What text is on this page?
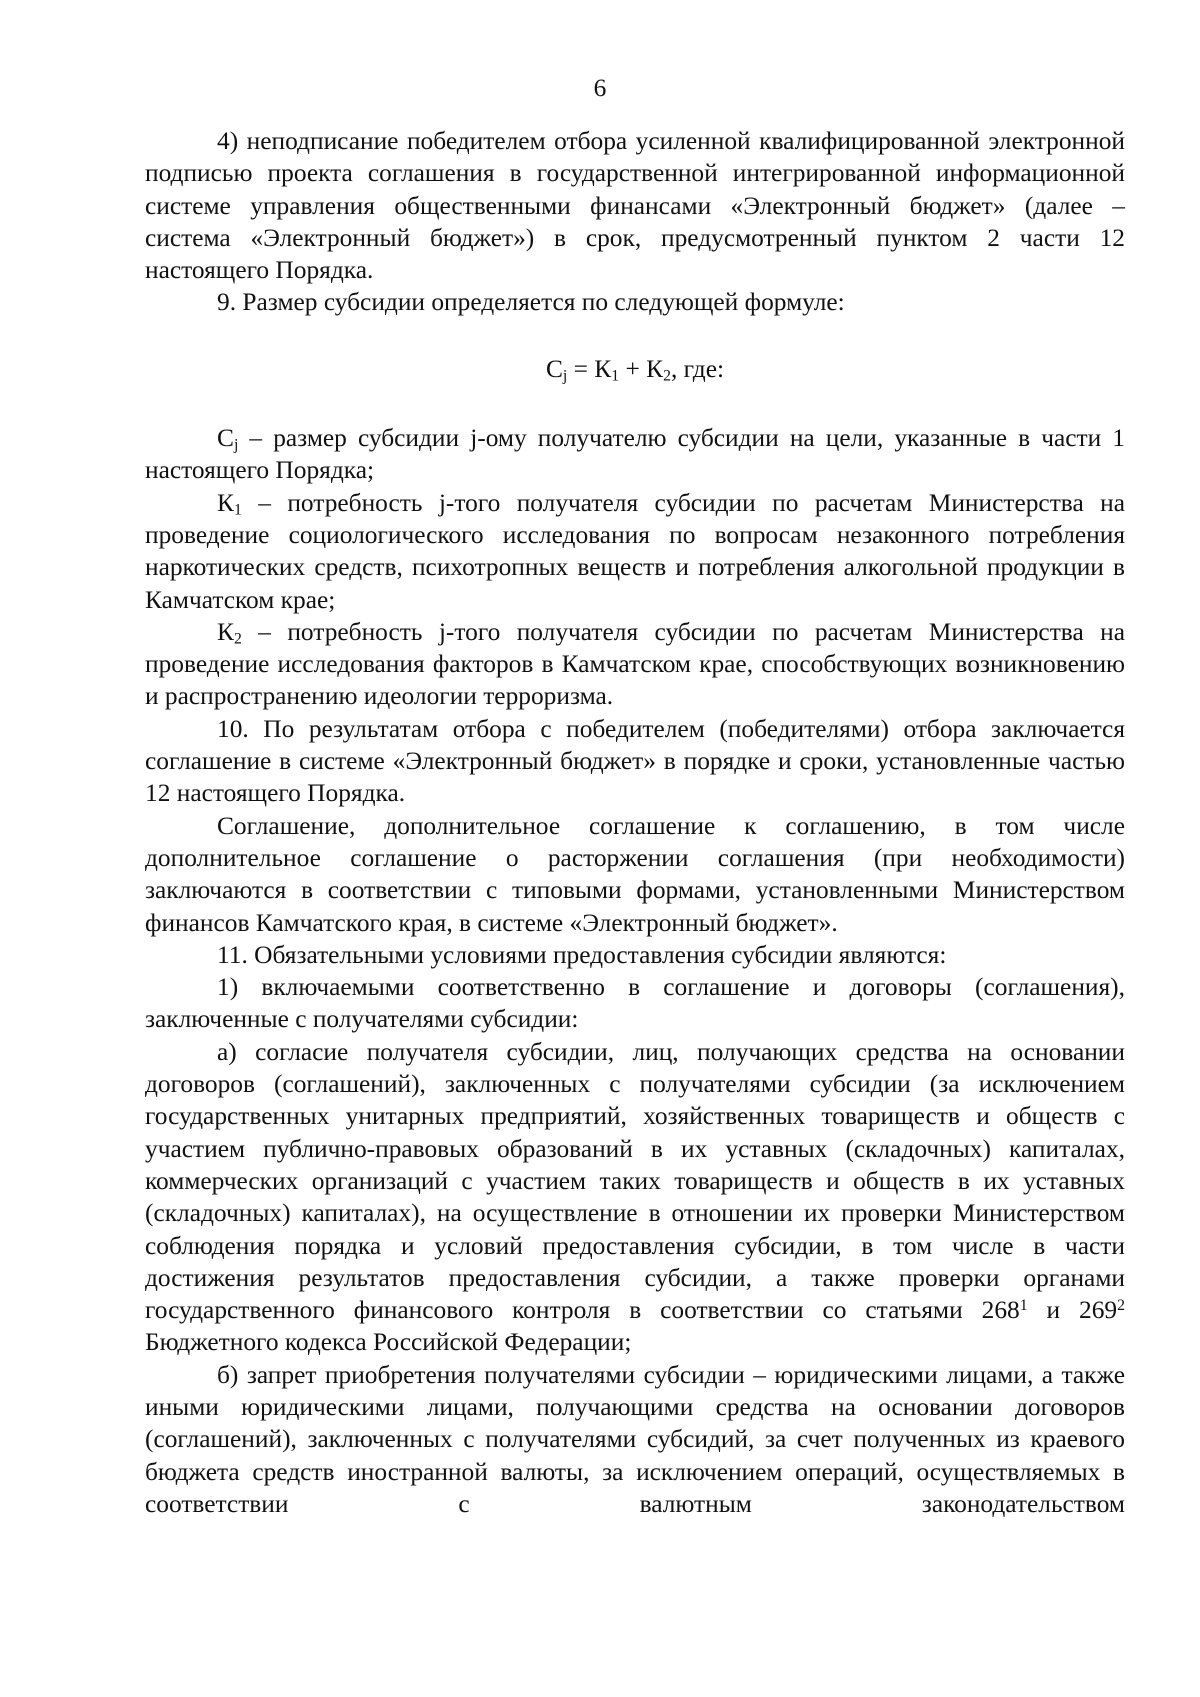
6

4) неподписание победителем отбора усиленной квалифицированной электронной подписью проекта соглашения в государственной интегрированной информационной системе управления общественными финансами «Электронный бюджет» (далее – система «Электронный бюджет») в срок, предусмотренный пунктом 2 части 12 настоящего Порядка.

9. Размер субсидии определяется по следующей формуле:

$C_j = К_1 + К_2$, где:

$C_j$ – размер субсидии j-ому получателю субсидии на цели, указанные в части 1 настоящего Порядка;

$К_1$ – потребность j-того получателя субсидии по расчетам Министерства на проведение социологического исследования по вопросам незаконного потребления наркотических средств, психотропных веществ и потребления алкогольной продукции в Камчатском крае;

$К_2$ – потребность j-того получателя субсидии по расчетам Министерства на проведение исследования факторов в Камчатском крае, способствующих возникновению и распространению идеологии терроризма.

10. По результатам отбора с победителем (победителями) отбора заключается соглашение в системе «Электронный бюджет» в порядке и сроки, установленные частью 12 настоящего Порядка.

Соглашение, дополнительное соглашение к соглашению, в том числе дополнительное соглашение о расторжении соглашения (при необходимости) заключаются в соответствии с типовыми формами, установленными Министерством финансов Камчатского края, в системе «Электронный бюджет».

11. Обязательными условиями предоставления субсидии являются:

1) включаемыми соответственно в соглашение и договоры (соглашения), заключенные с получателями субсидии:

а) согласие получателя субсидии, лиц, получающих средства на основании договоров (соглашений), заключенных с получателями субсидии (за исключением государственных унитарных предприятий, хозяйственных товариществ и обществ с участием публично-правовых образований в их уставных (складочных) капиталах, коммерческих организаций с участием таких товариществ и обществ в их уставных (складочных) капиталах), на осуществление в отношении их проверки Министерством соблюдения порядка и условий предоставления субсидии, в том числе в части достижения результатов предоставления субсидии, а также проверки органами государственного финансового контроля в соответствии со статьями $268^1$ и $269^2$ Бюджетного кодекса Российской Федерации;

б) запрет приобретения получателями субсидии – юридическими лицами, а также иными юридическими лицами, получающими средства на основании договоров (соглашений), заключенных с получателями субсидий, за счет полученных из краевого бюджета средств иностранной валюты, за исключением операций, осуществляемых в соответствии с валютным законодательством
